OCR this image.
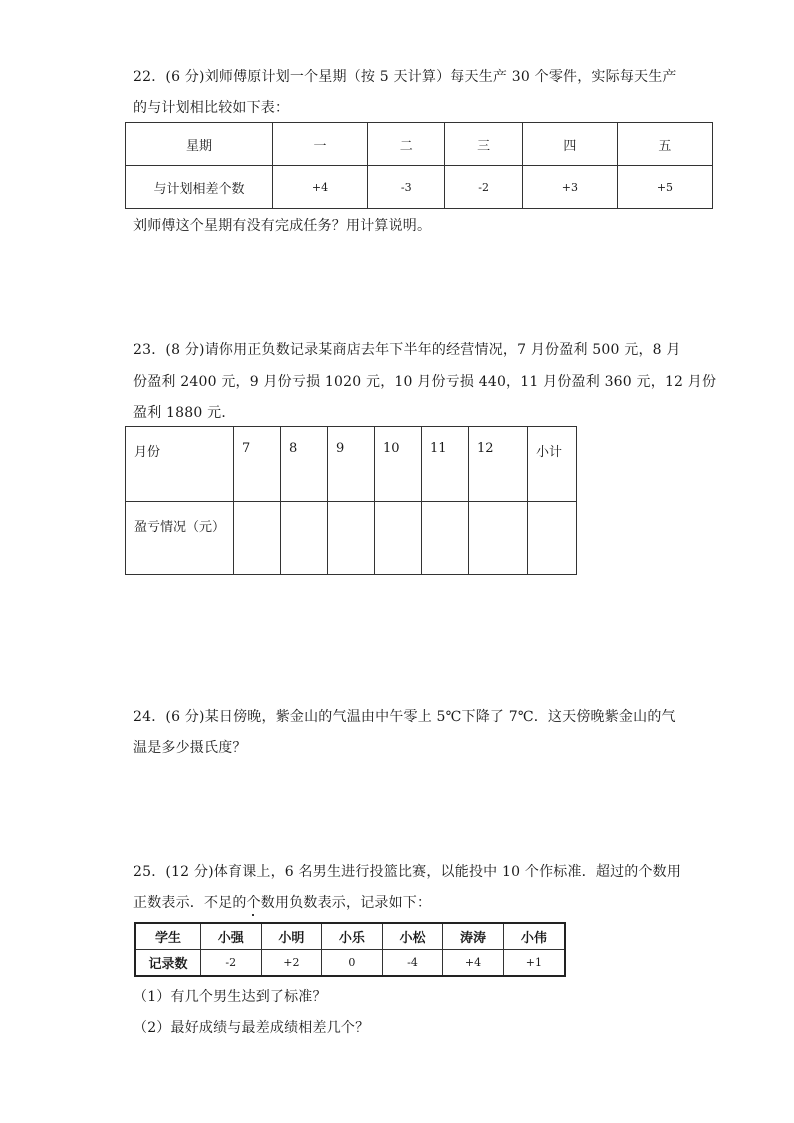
22．(6 分)刘师傅原计划一个星期（按 5 天计算）每天生产 30 个零件，实际每天生产
的与计划相比较如下表：
星期	一	二	三	四	五
与计划相差个数	+4	-3	-2	+3	+5
刘师傅这个星期有没有完成任务？用计算说明。
23．(8 分)请你用正负数记录某商店去年下半年的经营情况，7 月份盈利 500 元，8 月
份盈利 2400 元，9 月份亏损 1020 元，10 月份亏损 440，11 月份盈利 360 元，12 月份
盈利 1880 元．
月份	7	8	9	10	11	12	小计
盈亏情况（元）							
24．(6 分)某日傍晚，紫金山的气温由中午零上 5℃下降了 7℃．这天傍晚紫金山的气
温是多少摄氏度？
25．(12 分)体育课上，6 名男生进行投篮比赛，以能投中 10 个作标准．超过的个数用
正数表示．不足的个数用负数表示，记录如下：
学生	小强	小明	小乐	小松	涛涛	小伟
记录数	-2	+2	0	-4	+4	+1
（1）有几个男生达到了标准？
（2）最好成绩与最差成绩相差几个？
